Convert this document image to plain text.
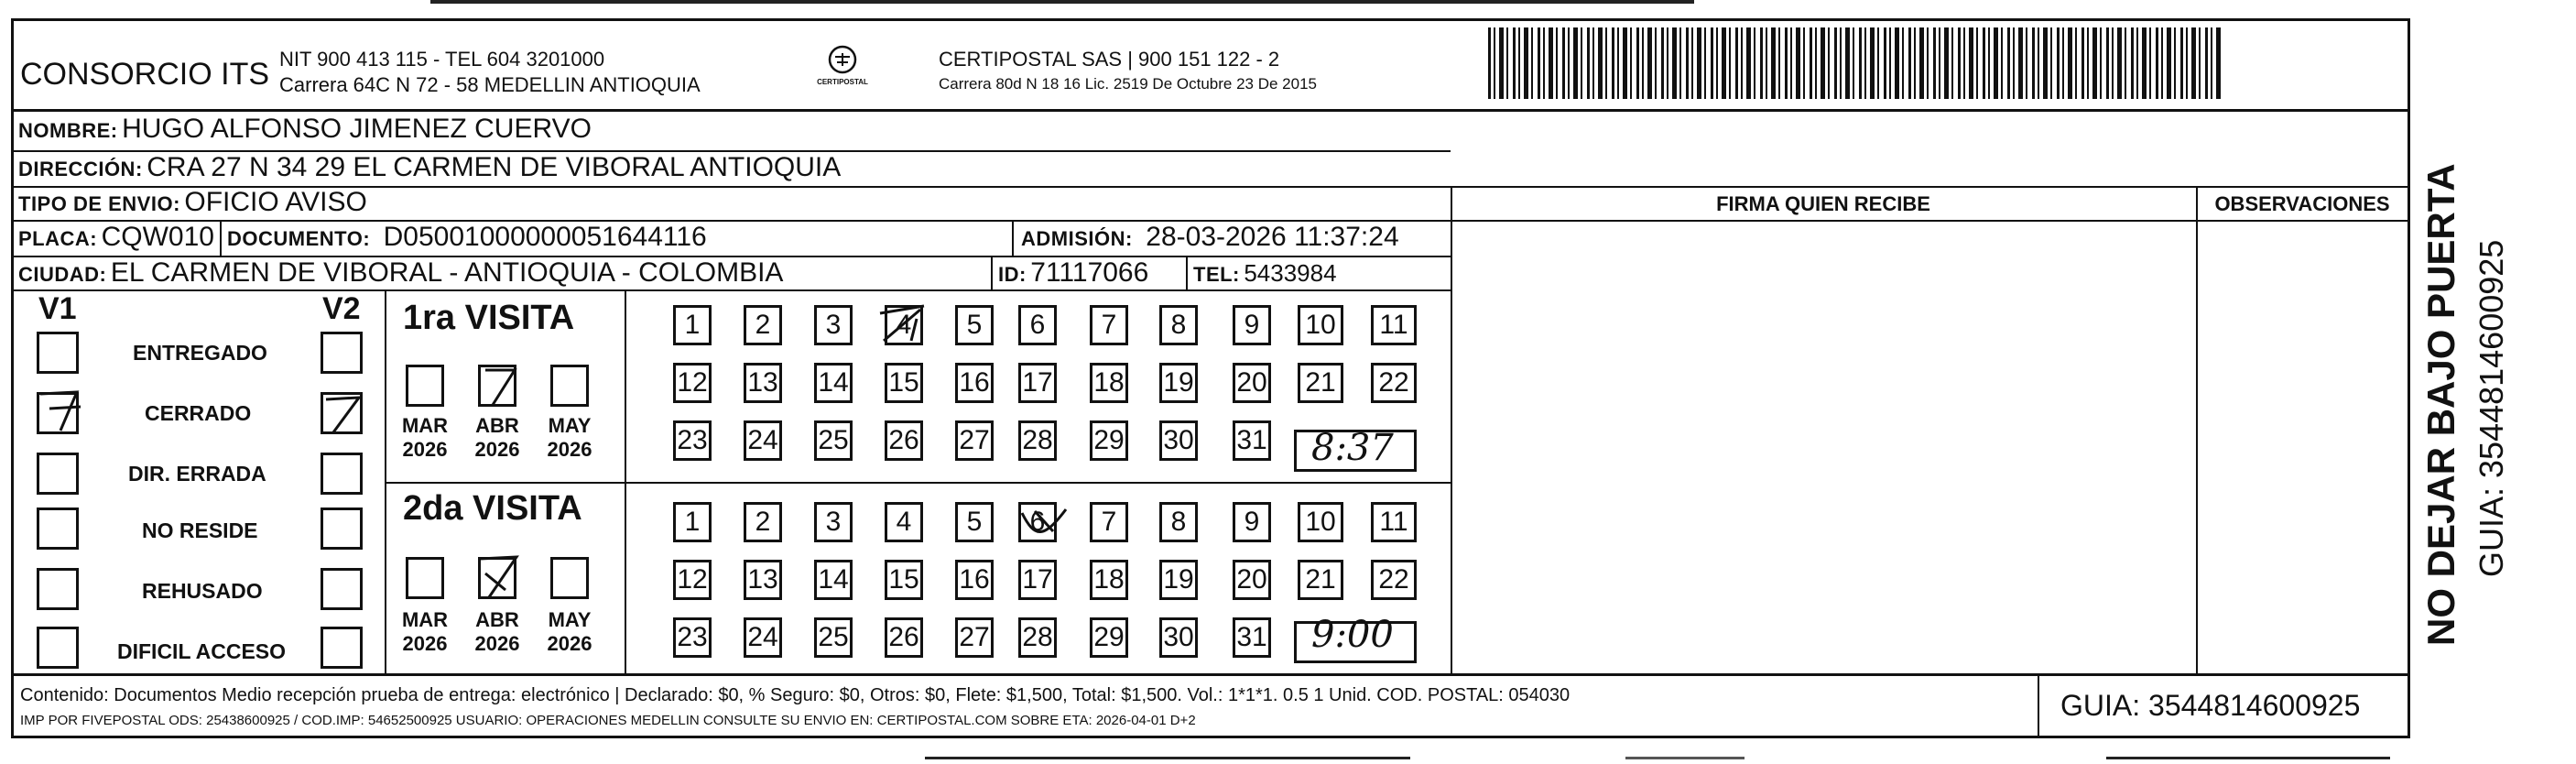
CONSORCIO ITS NIT 900 413 115 - TEL 604 3201000
Carrera 64C N 72 - 58 MEDELLIN ANTIOQUIA	CERTIPOSTAL
CERTIPOSTAL SAS | 900 151 122 - 2
Carrera 80d N 18 16 Lic. 2519 De Octubre 23 De 2015
NOMBRE: HUGO ALFONSO JIMENEZ CUERVO
DIRECCIÓN: CRA 27 N 34 29 EL CARMEN DE VIBORAL ANTIOQUIA
TIPO DE ENVIO: OFICIO AVISO
PLACA: CQW010 DOCUMENTO: D05001000000051644116	ADMISIÓN: 28-03-2026 11:37:24
CIUDAD: EL CARMEN DE VIBORAL - ANTIOQUIA - COLOMBIA	ID: 71117066 TEL: 5433984
FIRMA QUIEN RECIBE	OBSERVACIONES
V1	V2
ENTREGADO
CERRADO
DIR. ERRADA
NO RESIDE
REHUSADO
DIFICIL ACCESO
1ra VISITA
MAR
2026
ABR
2026
MAY
2026
1	2	3	4	5	6	7	8	9	10	11
12 13 14 15 16 17 18 19 20 21 22
23 24 25 26 27 28 29 30 31 8:37
2da VISITA
MAR
2026
ABR
2026
MAY
2026
1	2	3	4	5	6	7	8	9	10	11
12 13 14 15 16 17 18 19 20 21 22
23 24 25 26 27 28 29 30 31 9:00
Contenido: Documentos Medio recepción prueba de entrega: electrónico | Declarado: $0, % Seguro: $0, Otros: $0, Flete: $1,500, Total: $1,500. Vol.: 1*1*1. 0.5 1 Unid. COD. POSTAL: 054030
IMP POR FIVEPOSTAL ODS: 25438600925 / COD.IMP: 54652500925 USUARIO: OPERACIONES MEDELLIN CONSULTE SU ENVIO EN: CERTIPOSTAL.COM SOBRE ETA: 2026-04-01 D+2	GUIA: 3544814600925
NO DEJAR BAJO PUERTA GUIA: 3544814600925
